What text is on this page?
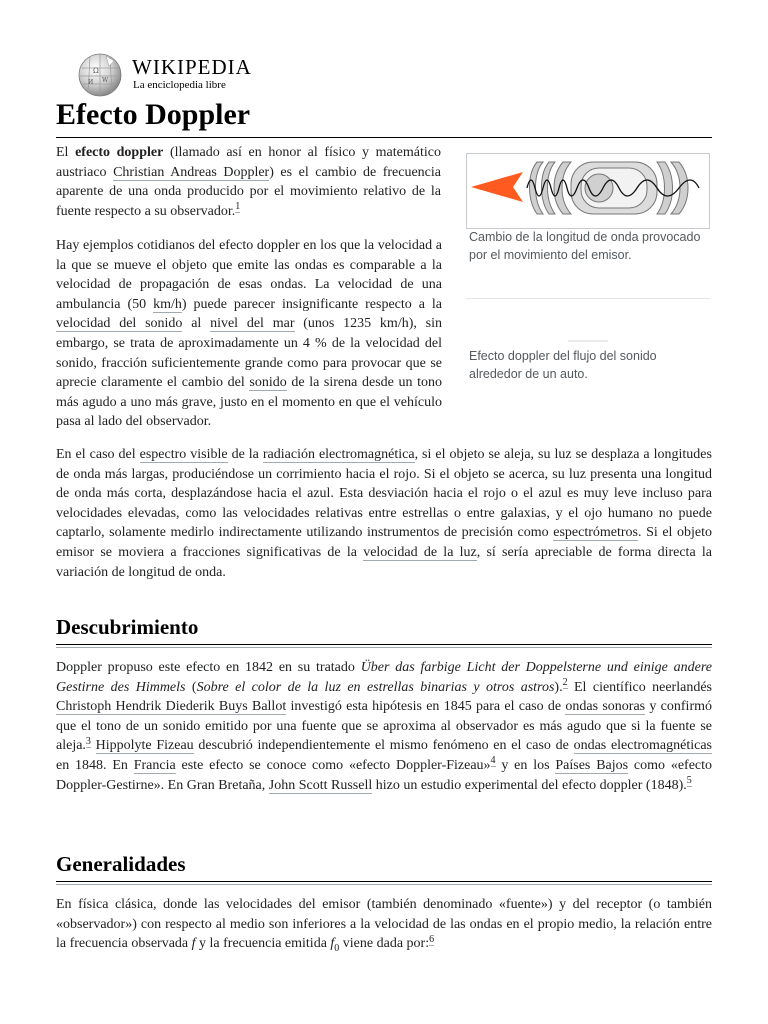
Ω
W
И
WIKIPEDIA
La enciclopedia libre
Efecto Doppler
Cambio de la longitud de onda provocado por el movimiento del emisor.
Efecto doppler del flujo del sonido alrededor de un auto.

El efecto doppler (llamado así en honor al físico y matemático austriaco Christian Andreas Doppler) es el cambio de frecuencia aparente de una onda producido por el movimiento relativo de la fuente respecto a su observador.$^1$

Hay ejemplos cotidianos del efecto doppler en los que la velocidad a la que se mueve el objeto que emite las ondas es comparable a la velocidad de propagación de esas ondas. La velocidad de una ambulancia (50 km/h) puede parecer insignificante respecto a la velocidad del sonido al nivel del mar (unos 1235 km/h), sin embargo, se trata de aproximadamente un 4 % de la velocidad del sonido, fracción suficientemente grande como para provocar que se aprecie claramente el cambio del sonido de la sirena desde un tono más agudo a uno más grave, justo en el momento en que el vehículo pasa al lado del observador.

En el caso del espectro visible de la radiación electromagnética, si el objeto se aleja, su luz se desplaza a longitudes de onda más largas, produciéndose un corrimiento hacia el rojo. Si el objeto se acerca, su luz presenta una longitud de onda más corta, desplazándose hacia el azul. Esta desviación hacia el rojo o el azul es muy leve incluso para velocidades elevadas, como las velocidades relativas entre estrellas o entre galaxias, y el ojo humano no puede captarlo, solamente medirlo indirectamente utilizando instrumentos de precisión como espectrómetros. Si el objeto emisor se moviera a fracciones significativas de la velocidad de la luz, sí sería apreciable de forma directa la variación de longitud de onda.

Descubrimiento

Doppler propuso este efecto en 1842 en su tratado Über das farbige Licht der Doppelsterne und einige andere Gestirne des Himmels (Sobre el color de la luz en estrellas binarias y otros astros).$^2$ El científico neerlandés Christoph Hendrik Diederik Buys Ballot investigó esta hipótesis en 1845 para el caso de ondas sonoras y confirmó que el tono de un sonido emitido por una fuente que se aproxima al observador es más agudo que si la fuente se aleja.$^3$ Hippolyte Fizeau descubrió independientemente el mismo fenómeno en el caso de ondas electromagnéticas en 1848. En Francia este efecto se conoce como «efecto Doppler-Fizeau»$^4$ y en los Países Bajos como «efecto Doppler-Gestirne». En Gran Bretaña, John Scott Russell hizo un estudio experimental del efecto doppler (1848).$^5$

Generalidades

En física clásica, donde las velocidades del emisor (también denominado «fuente») y del receptor (o también «observador») con respecto al medio son inferiores a la velocidad de las ondas en el propio medio, la relación entre la frecuencia observada f y la frecuencia emitida $f_0$ viene dada por:$^6$
